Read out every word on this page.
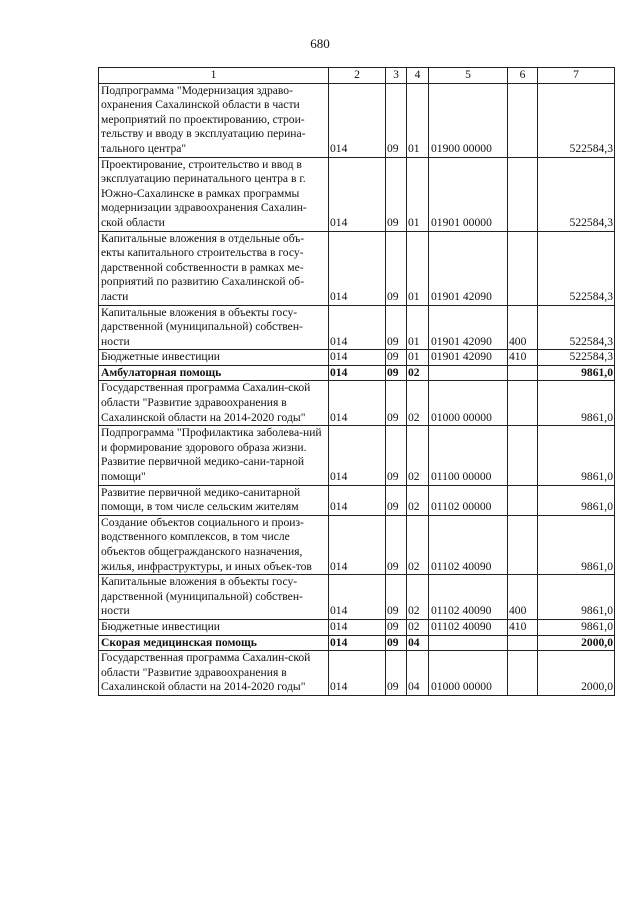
680
1	2	3	4	5	6	7
Подпрограмма "Модернизация здраво-охранения Сахалинской области в части мероприятий по проектированию, строи-тельству и вводу в эксплуатацию перина-тального центра"	014	09	01	01900 00000		522584,3
Проектирование, строительство и ввод в эксплуатацию перинатального центра в г. Южно-Сахалинске в рамках программы модернизации здравоохранения Сахалин-ской области	014	09	01	01901 00000		522584,3
Капитальные вложения в отдельные объ-екты капитального строительства в госу-дарственной собственности в рамках ме-роприятий по развитию Сахалинской об-ласти	014	09	01	01901 42090		522584,3
Капитальные вложения в объекты госу-дарственной (муниципальной) собствен-ности	014	09	01	01901 42090	400	522584,3
Бюджетные инвестиции	014	09	01	01901 42090	410	522584,3
Амбулаторная помощь	014	09	02			9861,0
Государственная программа Сахалин-ской области "Развитие здравоохранения в Сахалинской области на 2014-2020 годы"	014	09	02	01000 00000		9861,0
Подпрограмма "Профилактика заболева-ний и формирование здорового образа жизни. Развитие первичной медико-сани-тарной помощи"	014	09	02	01100 00000		9861,0
Развитие первичной медико-санитарной помощи, в том числе сельским жителям	014	09	02	01102 00000		9861,0
Создание объектов социального и произ-водственного комплексов, в том числе объектов общегражданского назначения, жилья, инфраструктуры, и иных объек-тов	014	09	02	01102 40090		9861,0
Капитальные вложения в объекты госу-дарственной (муниципальной) собствен-ности	014	09	02	01102 40090	400	9861,0
Бюджетные инвестиции	014	09	02	01102 40090	410	9861,0
Скорая медицинская помощь	014	09	04			2000,0
Государственная программа Сахалин-ской области "Развитие здравоохранения в Сахалинской области на 2014-2020 годы"	014	09	04	01000 00000		2000,0
